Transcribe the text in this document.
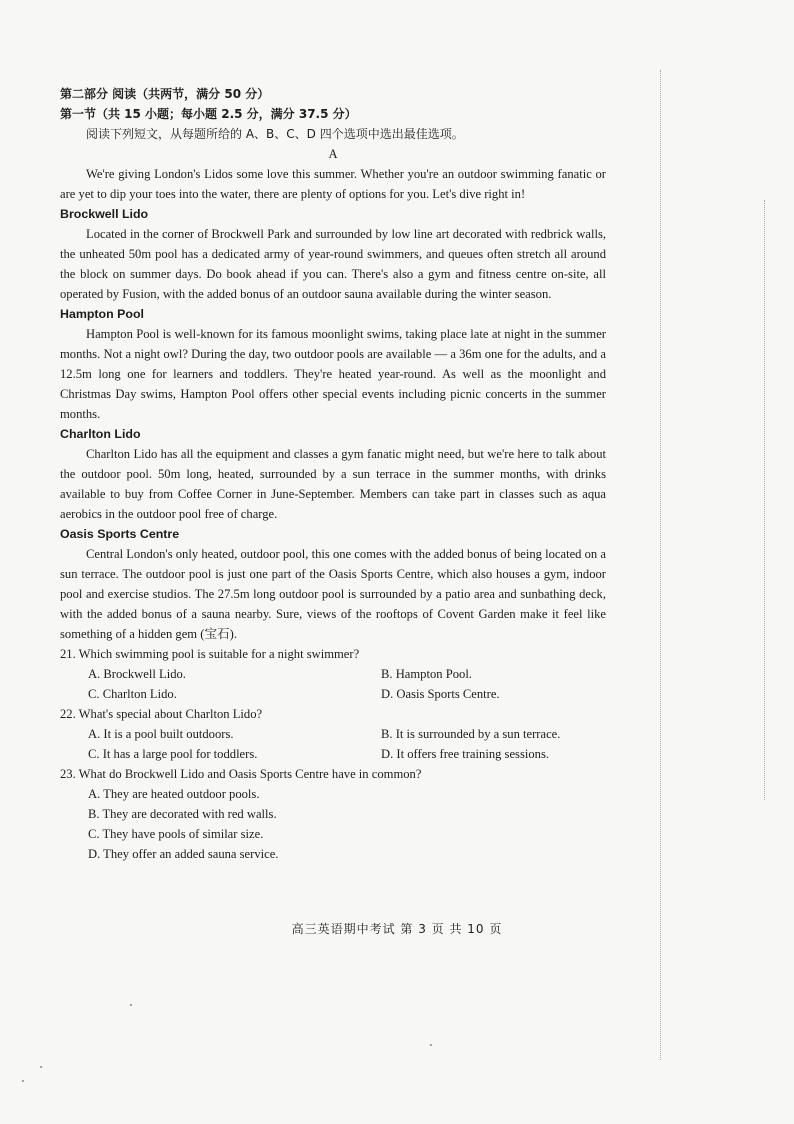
第二部分 阅读（共两节，满分 50 分）
第一节（共 15 小题；每小题 2.5 分，满分 37.5 分）
阅读下列短文，从每题所给的 A、B、C、D 四个选项中选出最佳选项。
A
We're giving London's Lidos some love this summer. Whether you're an outdoor swimming fanatic or are yet to dip your toes into the water, there are plenty of options for you. Let's dive right in!
Brockwell Lido
Located in the corner of Brockwell Park and surrounded by low line art decorated with redbrick walls, the unheated 50m pool has a dedicated army of year-round swimmers, and queues often stretch all around the block on summer days. Do book ahead if you can. There's also a gym and fitness centre on-site, all operated by Fusion, with the added bonus of an outdoor sauna available during the winter season.
Hampton Pool
Hampton Pool is well-known for its famous moonlight swims, taking place late at night in the summer months. Not a night owl? During the day, two outdoor pools are available — a 36m one for the adults, and a 12.5m long one for learners and toddlers. They're heated year-round. As well as the moonlight and Christmas Day swims, Hampton Pool offers other special events including picnic concerts in the summer months.
Charlton Lido
Charlton Lido has all the equipment and classes a gym fanatic might need, but we're here to talk about the outdoor pool. 50m long, heated, surrounded by a sun terrace in the summer months, with drinks available to buy from Coffee Corner in June-September. Members can take part in classes such as aqua aerobics in the outdoor pool free of charge.
Oasis Sports Centre
Central London's only heated, outdoor pool, this one comes with the added bonus of being located on a sun terrace. The outdoor pool is just one part of the Oasis Sports Centre, which also houses a gym, indoor pool and exercise studios. The 27.5m long outdoor pool is surrounded by a patio area and sunbathing deck, with the added bonus of a sauna nearby. Sure, views of the rooftops of Covent Garden make it feel like something of a hidden gem (宝石).
21. Which swimming pool is suitable for a night swimmer?
A. Brockwell Lido.	B. Hampton Pool.
C. Charlton Lido.	D. Oasis Sports Centre.
22. What's special about Charlton Lido?
A. It is a pool built outdoors.	B. It is surrounded by a sun terrace.
C. It has a large pool for toddlers.	D. It offers free training sessions.
23. What do Brockwell Lido and Oasis Sports Centre have in common?
A. They are heated outdoor pools.
B. They are decorated with red walls.
C. They have pools of similar size.
D. They offer an added sauna service.
高三英语期中考试 第 3 页 共 10 页
